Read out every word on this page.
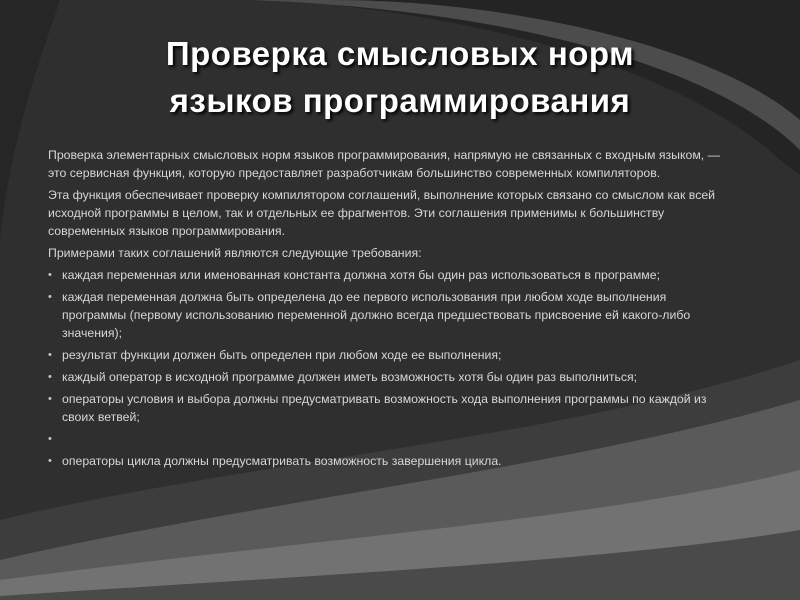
Проверка смысловых норм
языков программирования

Проверка элементарных смысловых норм языков программирования, напрямую не связанных с входным языком, — это сервисная функция, которую предоставляет разработчикам большинство современных компиляторов.

Эта функция обеспечивает проверку компилятором соглашений, выполнение которых связано со смыслом как всей исходной программы в целом, так и отдельных ее фрагментов. Эти соглашения применимы к большинству современных языков программирования.

Примерами таких соглашений являются следующие требования:

• каждая переменная или именованная константа должна хотя бы один раз использоваться в программе;
• каждая переменная должна быть определена до ее первого использования при любом ходе выполнения программы (первому использованию переменной должно всегда предшествовать присвоение ей какого-либо значения);
• результат функции должен быть определен при любом ходе ее выполнения;
• каждый оператор в исходной программе должен иметь возможность хотя бы один раз выполниться;
• операторы условия и выбора должны предусматривать возможность хода выполнения программы по каждой из своих ветвей;
•
• операторы цикла должны предусматривать возможность завершения цикла.
